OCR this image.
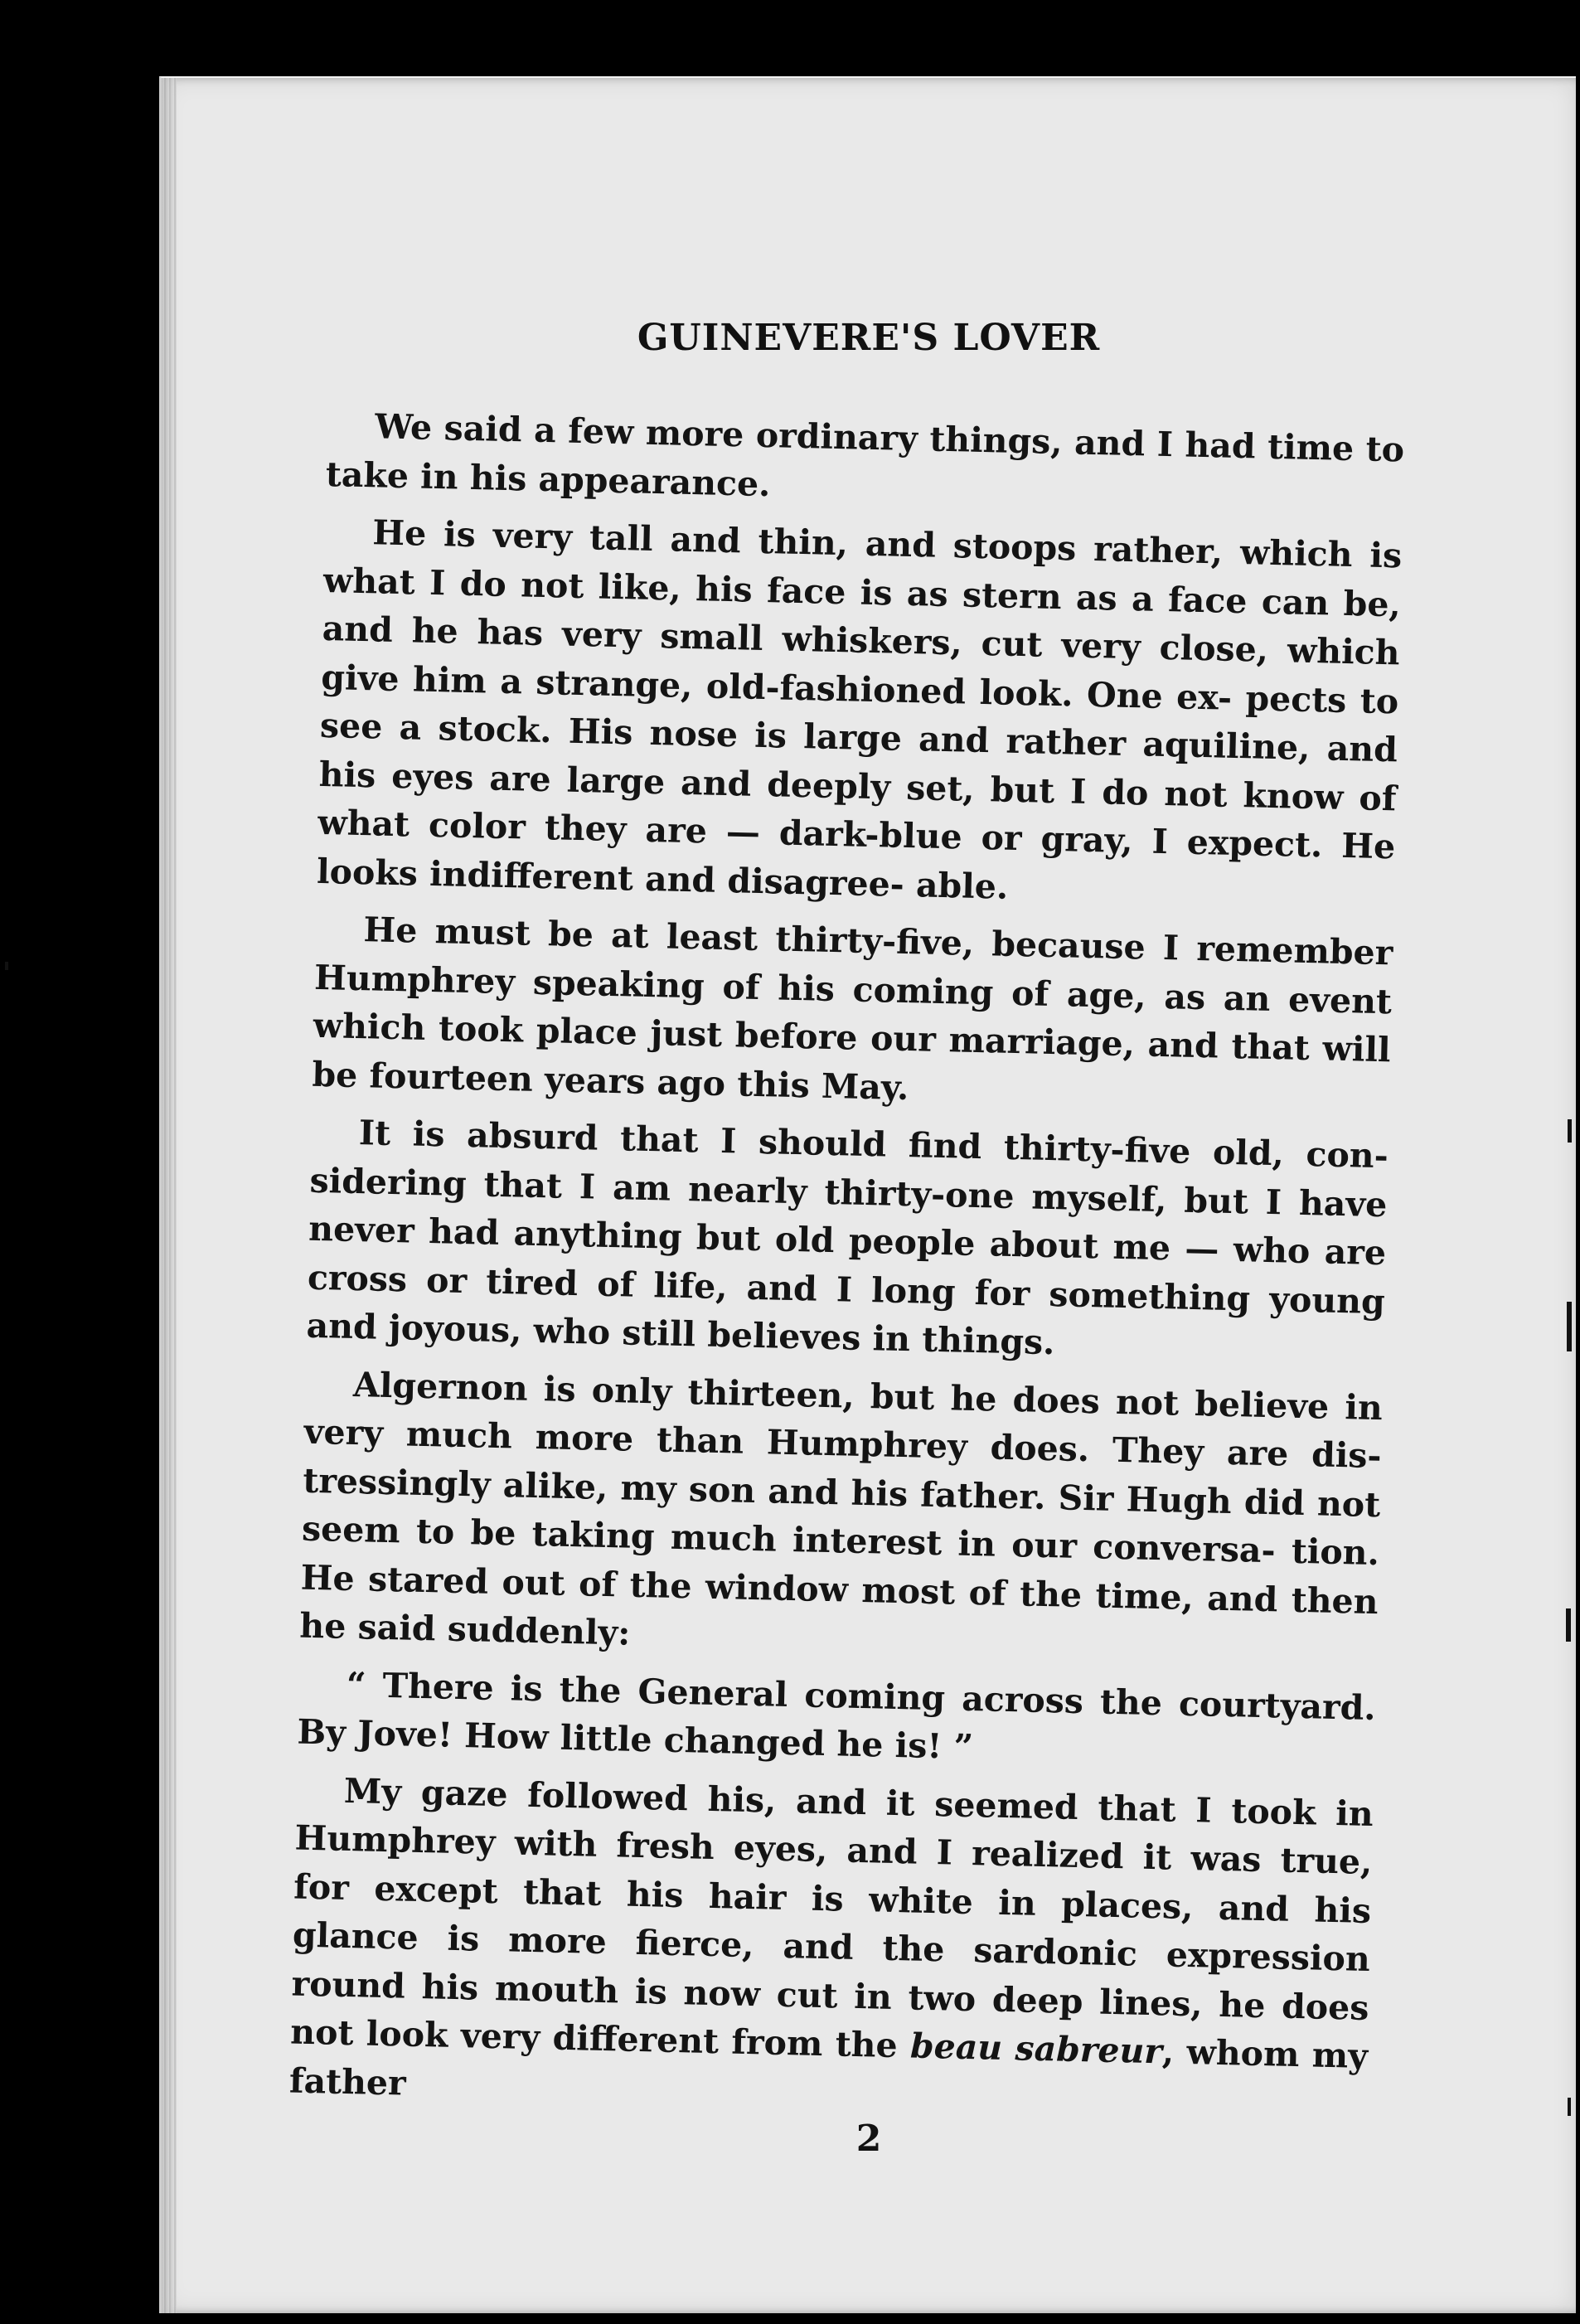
GUINEVERE'S LOVER

We said a few more ordinary things, and I had time to take in his appearance.

He is very tall and thin, and stoops rather, which is what I do not like, his face is as stern as a face can be, and he has very small whiskers, cut very close, which give him a strange, old-fashioned look. One ex- pects to see a stock. His nose is large and rather aquiline, and his eyes are large and deeply set, but I do not know of what color they are — dark-blue or gray, I expect. He looks indifferent and disagree- able.

He must be at least thirty-five, because I remember Humphrey speaking of his coming of age, as an event which took place just before our marriage, and that will be fourteen years ago this May.

It is absurd that I should find thirty-five old, con- sidering that I am nearly thirty-one myself, but I have never had anything but old people about me — who are cross or tired of life, and I long for something young and joyous, who still believes in things.

Algernon is only thirteen, but he does not believe in very much more than Humphrey does. They are dis- tressingly alike, my son and his father. Sir Hugh did not seem to be taking much interest in our conversa- tion. He stared out of the window most of the time, and then he said suddenly:

“ There is the General coming across the courtyard. By Jove! How little changed he is! ”

My gaze followed his, and it seemed that I took in Humphrey with fresh eyes, and I realized it was true, for except that his hair is white in places, and his glance is more fierce, and the sardonic expression round his mouth is now cut in two deep lines, he does not look very different from the beau sabreur, whom my father

2
